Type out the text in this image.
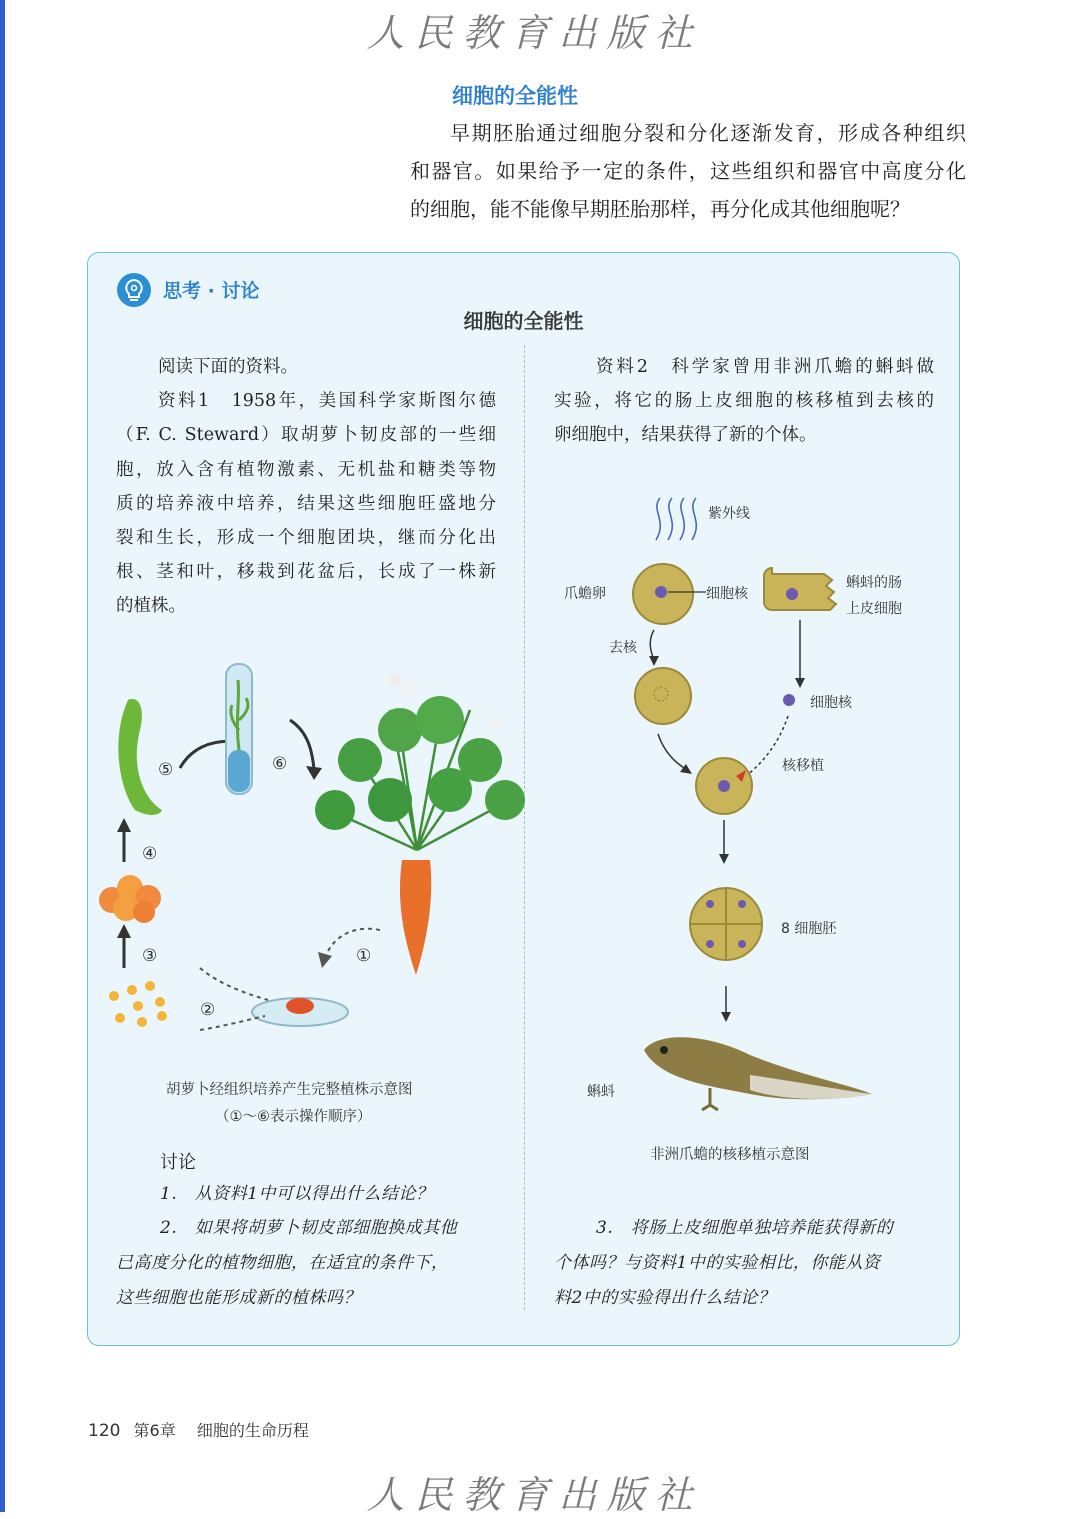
人民教育出版社
细胞的全能性
早期胚胎通过细胞分裂和分化逐渐发育，形成各种组织
和器官。如果给予一定的条件，这些组织和器官中高度分化
的细胞，能不能像早期胚胎那样，再分化成其他细胞呢？
思考 · 讨论
细胞的全能性
阅读下面的资料。
资料1　1958年，美国科学家斯图尔德
（F. C. Steward）取胡萝卜韧皮部的一些细
胞，放入含有植物激素、无机盐和糖类等物
质的培养液中培养，结果这些细胞旺盛地分
裂和生长，形成一个细胞团块，继而分化出
根、茎和叶，移栽到花盆后，长成了一株新
的植株。
资料2　科学家曾用非洲爪蟾的蝌蚪做
实验，将它的肠上皮细胞的核移植到去核的
卵细胞中，结果获得了新的个体。
⑤	⑥
④
③
②
①
胡萝卜经组织培养产生完整植株示意图
（①～⑥表示操作顺序）
紫外线
爪蟾卵	细胞核
蝌蚪的肠
上皮细胞
去核
细胞核
核移植
8 细胞胚
蝌蚪
非洲爪蟾的核移植示意图
讨论
1.　从资料1中可以得出什么结论？
2.　如果将胡萝卜韧皮部细胞换成其他
已高度分化的植物细胞，在适宜的条件下，
这些细胞也能形成新的植株吗？
3.　将肠上皮细胞单独培养能获得新的
个体吗？与资料1中的实验相比，你能从资
料2中的实验得出什么结论？
120 第6章 细胞的生命历程
人民教育出版社
